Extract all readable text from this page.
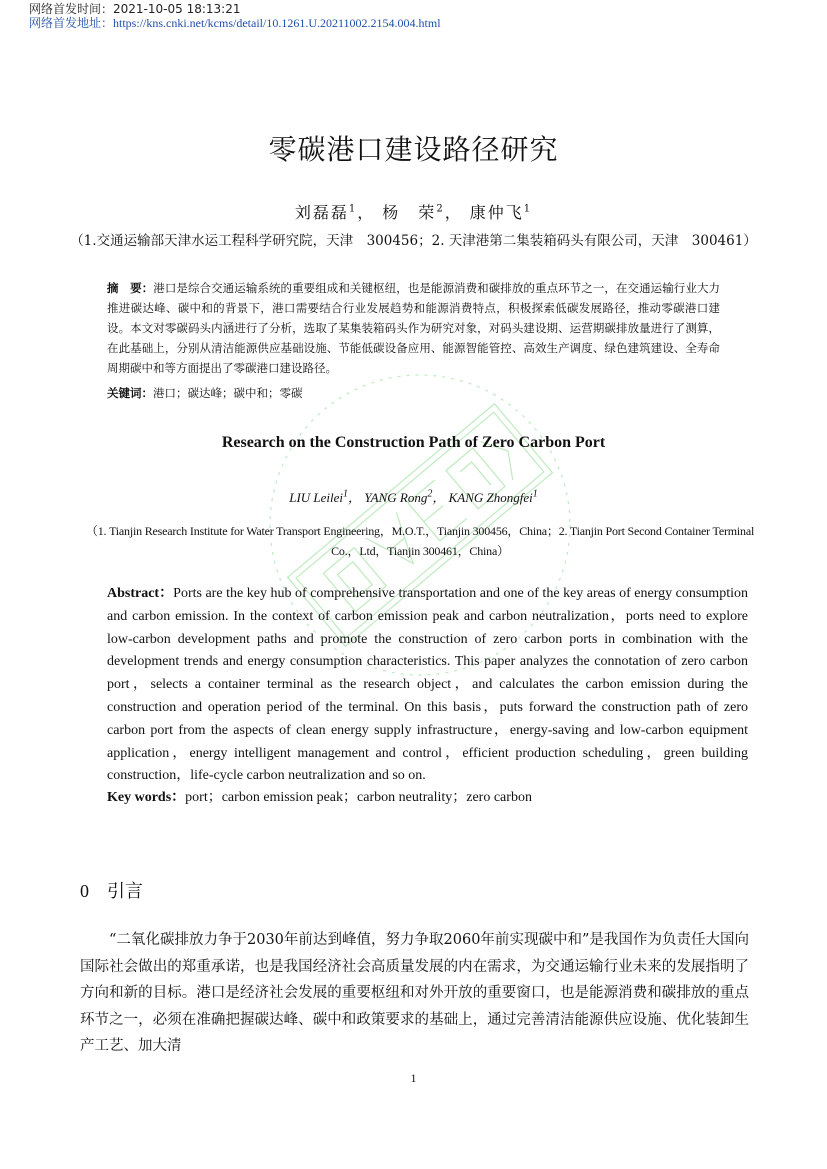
网络首发时间：2021-10-05 18:13:21
网络首发地址：https://kns.cnki.net/kcms/detail/10.1261.U.20211002.2154.004.html
零碳港口建设路径研究
刘磊磊$^1$， 杨　荣$^2$， 康仲飞$^1$
（1.交通运输部天津水运工程科学研究院，天津　300456；2. 天津港第二集装箱码头有限公司，天津　300461）
摘　要：港口是综合交通运输系统的重要组成和关键枢纽，也是能源消费和碳排放的重点环节之一，在交通运输行业大力推进碳达峰、碳中和的背景下，港口需要结合行业发展趋势和能源消费特点，积极探索低碳发展路径，推动零碳港口建设。本文对零碳码头内涵进行了分析，选取了某集装箱码头作为研究对象，对码头建设期、运营期碳排放量进行了测算，在此基础上，分别从清洁能源供应基础设施、节能低碳设备应用、能源智能管控、高效生产调度、绿色建筑建设、全寿命周期碳中和等方面提出了零碳港口建设路径。
关键词：港口；碳达峰；碳中和；零碳
Research on the Construction Path of Zero Carbon Port
LIU Leilei$^1$， YANG Rong$^2$， KANG Zhongfei$^1$
（1. Tianjin Research Institute for Water Transport Engineering，M.O.T.，Tianjin 300456，China；2. Tianjin Port Second Container Terminal Co.，Ltd，Tianjin 300461，China）
Abstract：Ports are the key hub of comprehensive transportation and one of the key areas of energy consumption and carbon emission. In the context of carbon emission peak and carbon neutralization，ports need to explore low-carbon development paths and promote the construction of zero carbon ports in combination with the development trends and energy consumption characteristics. This paper analyzes the connotation of zero carbon port，selects a container terminal as the research object，and calculates the carbon emission during the construction and operation period of the terminal. On this basis，puts forward the construction path of zero carbon port from the aspects of clean energy supply infrastructure，energy-saving and low-carbon equipment application，energy intelligent management and control，efficient production scheduling，green building construction，life-cycle carbon neutralization and so on.
Key words：port；carbon emission peak；carbon neutrality；zero carbon
0 引言
“二氧化碳排放力争于2030年前达到峰值，努力争取2060年前实现碳中和”是我国作为负责任大国向国际社会做出的郑重承诺，也是我国经济社会高质量发展的内在需求，为交通运输行业未来的发展指明了方向和新的目标。港口是经济社会发展的重要枢纽和对外开放的重要窗口，也是能源消费和碳排放的重点环节之一，必须在准确把握碳达峰、碳中和政策要求的基础上，通过完善清洁能源供应设施、优化装卸生产工艺、加大清
1
